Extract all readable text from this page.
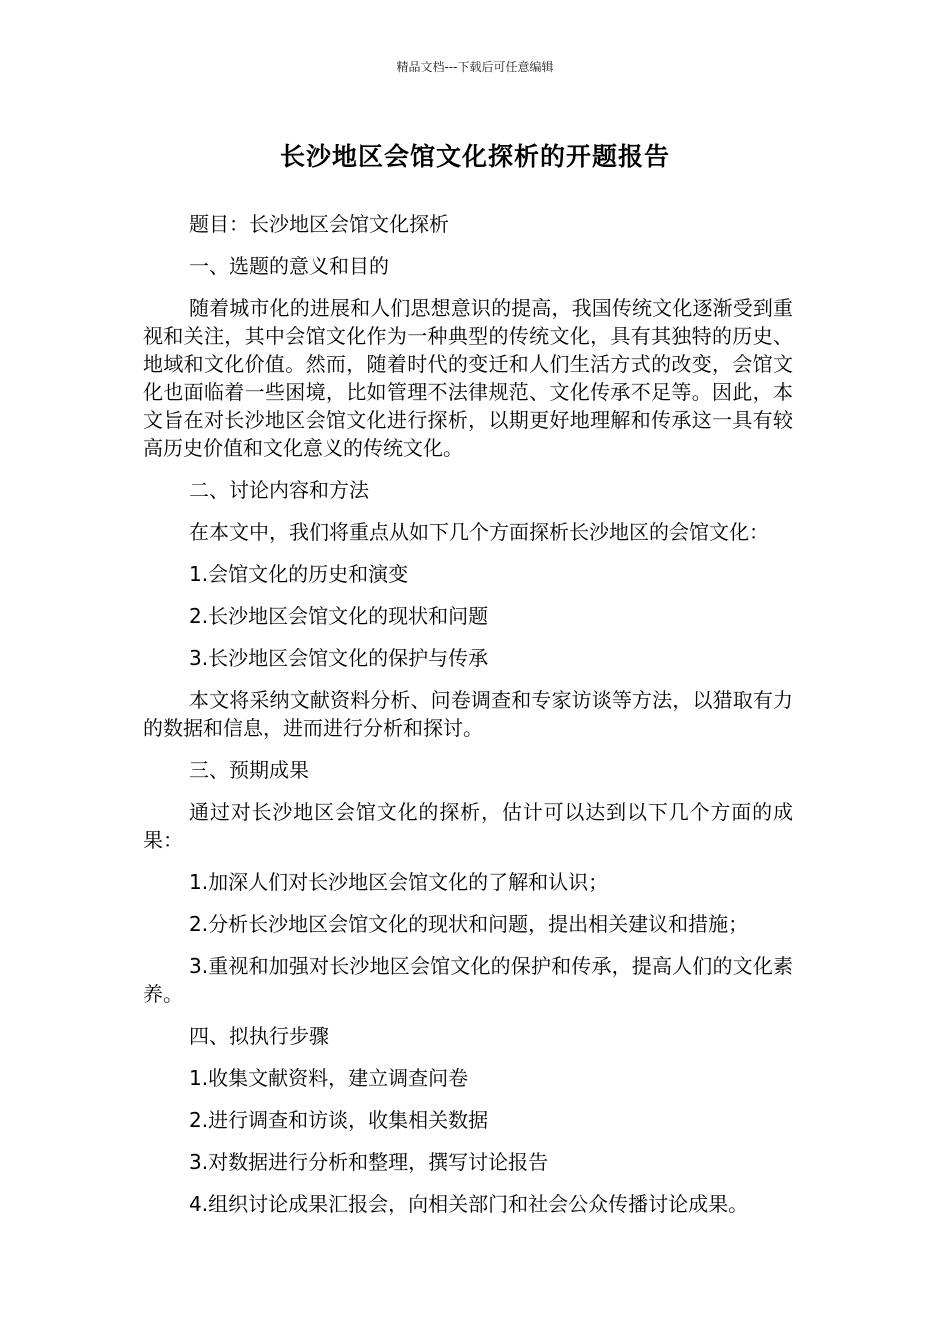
精品文档---下载后可任意编辑
长沙地区会馆文化探析的开题报告

题目：长沙地区会馆文化探析

一、选题的意义和目的

随着城市化的进展和人们思想意识的提高，我国传统文化逐渐受到重视和关注，其中会馆文化作为一种典型的传统文化，具有其独特的历史、地域和文化价值。然而，随着时代的变迁和人们生活方式的改变，会馆文化也面临着一些困境，比如管理不法律规范、文化传承不足等。因此，本文旨在对长沙地区会馆文化进行探析，以期更好地理解和传承这一具有较高历史价值和文化意义的传统文化。

二、讨论内容和方法

在本文中，我们将重点从如下几个方面探析长沙地区的会馆文化：

1.会馆文化的历史和演变

2.长沙地区会馆文化的现状和问题

3.长沙地区会馆文化的保护与传承

本文将采纳文献资料分析、问卷调查和专家访谈等方法，以猎取有力的数据和信息，进而进行分析和探讨。

三、预期成果

通过对长沙地区会馆文化的探析，估计可以达到以下几个方面的成果：

1.加深人们对长沙地区会馆文化的了解和认识；

2.分析长沙地区会馆文化的现状和问题，提出相关建议和措施；

3.重视和加强对长沙地区会馆文化的保护和传承，提高人们的文化素养。

四、拟执行步骤

1.收集文献资料，建立调查问卷

2.进行调查和访谈，收集相关数据

3.对数据进行分析和整理，撰写讨论报告

4.组织讨论成果汇报会，向相关部门和社会公众传播讨论成果。
